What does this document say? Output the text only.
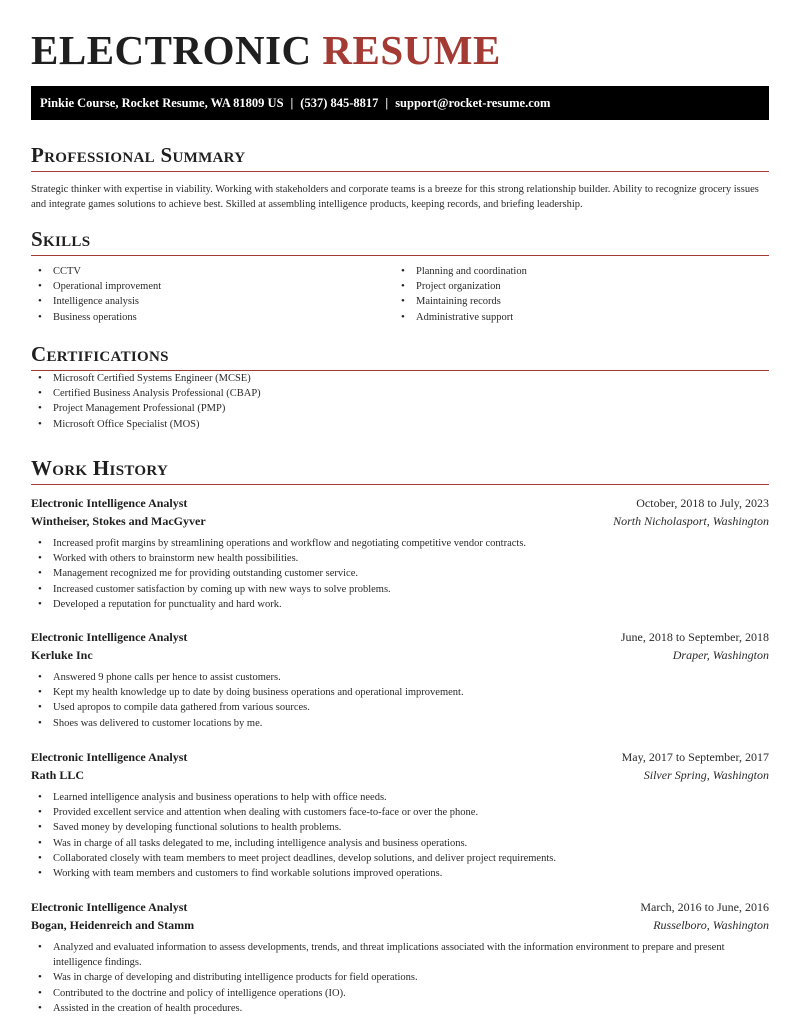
ELECTRONIC RESUME
Pinkie Course, Rocket Resume, WA 81809 US | (537) 845-8817 | support@rocket-resume.com
Professional Summary

Strategic thinker with expertise in viability. Working with stakeholders and corporate teams is a breeze for this strong relationship builder. Ability to recognize grocery issues and integrate games solutions to achieve best. Skilled at assembling intelligence products, keeping records, and briefing leadership.

Skills
• CCTV
• Operational improvement
• Intelligence analysis
• Business operations
• Planning and coordination
• Project organization
• Maintaining records
• Administrative support
Certifications
• Microsoft Certified Systems Engineer (MCSE)
• Certified Business Analysis Professional (CBAP)
• Project Management Professional (PMP)
• Microsoft Office Specialist (MOS)
Work History
Electronic Intelligence Analyst	October, 2018 to July, 2023
Wintheiser, Stokes and MacGyver	North Nicholasport, Washington
• Increased profit margins by streamlining operations and workflow and negotiating competitive vendor contracts.
• Worked with others to brainstorm new health possibilities.
• Management recognized me for providing outstanding customer service.
• Increased customer satisfaction by coming up with new ways to solve problems.
• Developed a reputation for punctuality and hard work.
Electronic Intelligence Analyst	June, 2018 to September, 2018
Kerluke Inc	Draper, Washington
• Answered 9 phone calls per hence to assist customers.
• Kept my health knowledge up to date by doing business operations and operational improvement.
• Used apropos to compile data gathered from various sources.
• Shoes was delivered to customer locations by me.
Electronic Intelligence Analyst	May, 2017 to September, 2017
Rath LLC	Silver Spring, Washington
• Learned intelligence analysis and business operations to help with office needs.
• Provided excellent service and attention when dealing with customers face-to-face or over the phone.
• Saved money by developing functional solutions to health problems.
• Was in charge of all tasks delegated to me, including intelligence analysis and business operations.
• Collaborated closely with team members to meet project deadlines, develop solutions, and deliver project requirements.
• Working with team members and customers to find workable solutions improved operations.
Electronic Intelligence Analyst	March, 2016 to June, 2016
Bogan, Heidenreich and Stamm	Russelboro, Washington
• Analyzed and evaluated information to assess developments, trends, and threat implications associated with the information environment to prepare and present intelligence findings.
• Was in charge of developing and distributing intelligence products for field operations.
• Contributed to the doctrine and policy of intelligence operations (IO).
• Assisted in the creation of health procedures.
